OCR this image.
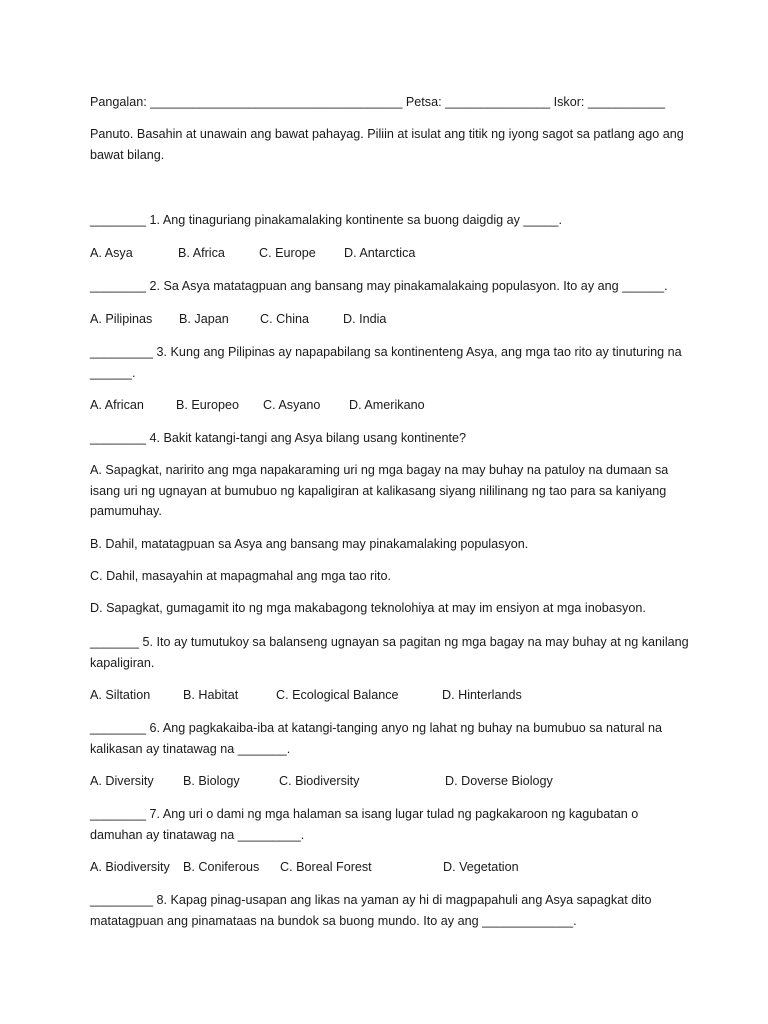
Pangalan: ____________________________________ Petsa: _______________ Iskor: ___________

Panuto. Basahin at unawain ang bawat pahayag. Piliin at isulat ang titik ng iyong sagot sa patlang ago ang bawat bilang.

________ 1. Ang tinaguriang pinakamalaking kontinente sa buong daigdig ay _____.

A. Asya	B. Africa	C. Europe D. Antarctica

________ 2. Sa Asya matatagpuan ang bansang may pinakamalakaing populasyon. Ito ay ang ______.

A. Pilipinas B. Japan C. China	D. India

_________ 3. Kung ang Pilipinas ay napapabilang sa kontinenteng Asya, ang mga tao rito ay tinuturing na ______.

A. African	B. Europeo C. Asyano D. Amerikano

________ 4. Bakit katangi-tangi ang Asya bilang usang kontinente?

A. Sapagkat, naririto ang mga napakaraming uri ng mga bagay na may buhay na patuloy na dumaan sa isang uri ng ugnayan at bumubuo ng kapaligiran at kalikasang siyang nililinang ng tao para sa kaniyang pamumuhay.

B. Dahil, matatagpuan sa Asya ang bansang may pinakamalaking populasyon.

C. Dahil, masayahin at mapagmahal ang mga tao rito.

D. Sapagkat, gumagamit ito ng mga makabagong teknolohiya at may im ensiyon at mga inobasyon.

_______ 5. Ito ay tumutukoy sa balanseng ugnayan sa pagitan ng mga bagay na may buhay at ng kanilang kapaligiran.

A. Siltation	B. Habitat	C. Ecological Balance	D. Hinterlands

________ 6. Ang pagkakaiba-iba at katangi-tanging anyo ng lahat ng buhay na bumubuo sa natural na kalikasan ay tinatawag na _______.

A. Diversity B. Biology	C. Biodiversity	D. Doverse Biology

________ 7. Ang uri o dami ng mga halaman sa isang lugar tulad ng pagkakaroon ng kagubatan o damuhan ay tinatawag na _________.

A. Biodiversity B. Coniferous C. Boreal Forest	D. Vegetation

_________ 8. Kapag pinag-usapan ang likas na yaman ay hi di magpapahuli ang Asya sapagkat dito matatagpuan ang pinamataas na bundok sa buong mundo. Ito ay ang _____________.
